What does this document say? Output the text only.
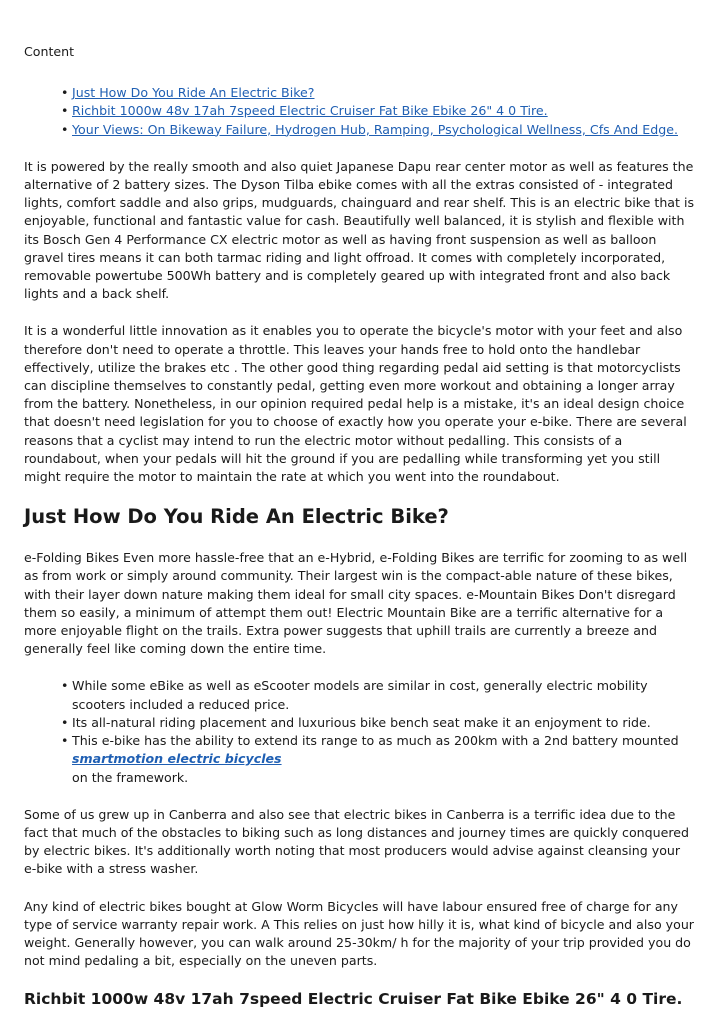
Content

• Just How Do You Ride An Electric Bike?
• Richbit 1000w 48v 17ah 7speed Electric Cruiser Fat Bike Ebike 26" 4 0 Tire.
• Your Views: On Bikeway Failure, Hydrogen Hub, Ramping, Psychological Wellness, Cfs And Edge.

It is powered by the really smooth and also quiet Japanese Dapu rear center motor as well as features the alternative of 2 battery sizes. The Dyson Tilba ebike comes with all the extras consisted of - integrated lights, comfort saddle and also grips, mudguards, chainguard and rear shelf. This is an electric bike that is enjoyable, functional and fantastic value for cash. Beautifully well balanced, it is stylish and flexible with its Bosch Gen 4 Performance CX electric motor as well as having front suspension as well as balloon gravel tires means it can both tarmac riding and light offroad. It comes with completely incorporated, removable powertube 500Wh battery and is completely geared up with integrated front and also back lights and a back shelf.

It is a wonderful little innovation as it enables you to operate the bicycle's motor with your feet and also therefore don't need to operate a throttle. This leaves your hands free to hold onto the handlebar effectively, utilize the brakes etc . The other good thing regarding pedal aid setting is that motorcyclists can discipline themselves to constantly pedal, getting even more workout and obtaining a longer array from the battery. Nonetheless, in our opinion required pedal help is a mistake, it's an ideal design choice that doesn't need legislation for you to choose of exactly how you operate your e-bike. There are several reasons that a cyclist may intend to run the electric motor without pedalling. This consists of a roundabout, when your pedals will hit the ground if you are pedalling while transforming yet you still might require the motor to maintain the rate at which you went into the roundabout.

Just How Do You Ride An Electric Bike?

e-Folding Bikes Even more hassle-free that an e-Hybrid, e-Folding Bikes are terrific for zooming to as well as from work or simply around community. Their largest win is the compact-able nature of these bikes, with their layer down nature making them ideal for small city spaces. e-Mountain Bikes Don't disregard them so easily, a minimum of attempt them out! Electric Mountain Bike are a terrific alternative for a more enjoyable flight on the trails. Extra power suggests that uphill trails are currently a breeze and generally feel like coming down the entire time.

• While some eBike as well as eScooter models are similar in cost, generally electric mobility scooters included a reduced price.
• Its all-natural riding placement and luxurious bike bench seat make it an enjoyment to ride.
• This e-bike has the ability to extend its range to as much as 200km with a 2nd battery mounted
smartmotion electric bicycles
on the framework.

Some of us grew up in Canberra and also see that electric bikes in Canberra is a terrific idea due to the fact that much of the obstacles to biking such as long distances and journey times are quickly conquered by electric bikes. It's additionally worth noting that most producers would advise against cleansing your e-bike with a stress washer.

Any kind of electric bikes bought at Glow Worm Bicycles will have labour ensured free of charge for any type of service warranty repair work. A This relies on just how hilly it is, what kind of bicycle and also your weight. Generally however, you can walk around 25-30km/ h for the majority of your trip provided you do not mind pedaling a bit, especially on the uneven parts.

Richbit 1000w 48v 17ah 7speed Electric Cruiser Fat Bike Ebike 26" 4 0 Tire.
